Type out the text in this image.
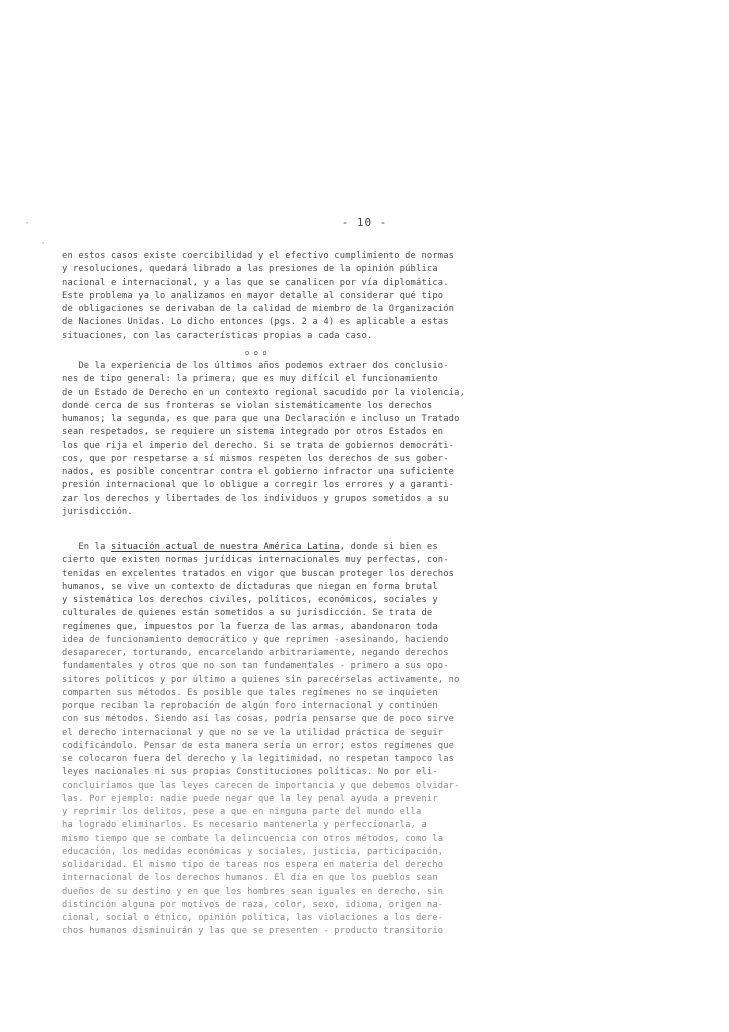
·
·
- 10 -
en estos casos existe coercibilidad y el efectivo cumplimiento de normas
y resoluciones, quedará librado a las presiones de la opinión pública
nacional e internacional, y a las que se canalicen por vía diplomática.
Este problema ya lo analizamos en mayor detalle al considerar qué tipo
de obligaciones se derivaban de la calidad de miembro de la Organización
de Naciones Unidas. Lo dicho entonces (pgs. 2 a 4) es aplicable a estas
situaciones, con las características propias a cada caso.
o o o
De la experiencia de los últimos años podemos extraer dos conclusio-
nes de tipo general: la primera, que es muy difícil el funcionamiento
de un Estado de Derecho en un contexto regional sacudido por la violencia,
donde cerca de sus fronteras se violan sistemáticamente los derechos
humanos; la segunda, es que para que una Declaración e incluso un Tratado
sean respetados, se requiere un sistema integrado por otros Estados en
los que rija el imperio del derecho. Si se trata de gobiernos democráti-
cos, que por respetarse a sí mismos respeten los derechos de sus gober-
nados, es posible concentrar contra el gobierno infractor una suficiente
presión internacional que lo obligue a corregir los errores y a garanti-
zar los derechos y libertades de los individuos y grupos sometidos a su
jurisdicción.
En la situación actual de nuestra América Latina, donde si bien es
cierto que existen normas jurídicas internacionales muy perfectas, con-
tenidas en excelentes tratados en vigor que buscan proteger los derechos
humanos, se vive un contexto de dictaduras que niegan en forma brutal
y sistemática los derechos civiles, políticos, económicos, sociales y
culturales de quienes están sometidos a su jurisdicción. Se trata de
regímenes que, impuestos por la fuerza de las armas, abandonaron toda
idea de funcionamiento democrático y que reprimen -asesinando, haciendo
desaparecer, torturando, encarcelando arbitrariamente, negando derechos
fundamentales y otros que no son tan fundamentales - primero a sus opo-
sitores políticos y por último a quienes sin parecérselas activamente, no
comparten sus métodos. Es posible que tales regímenes no se inquieten
porque reciban la reprobación de algún foro internacional y continúen
con sus métodos. Siendo así las cosas, podría pensarse que de poco sirve
el derecho internacional y que no se ve la utilidad práctica de seguir
codificándolo. Pensar de esta manera sería un error; estos regímenes que
se colocaron fuera del derecho y la legitimidad, no respetan tampoco las
leyes nacionales ni sus propias Constituciones políticas. No por eli-
concluiríamos que las leyes carecen de importancia y que debemos olvidar-
las. Por ejemplo: nadie puede negar que la ley penal ayuda a prevenir
y reprimir los delitos, pese a que en ninguna parte del mundo ella
ha logrado eliminarlos. Es necesario mantenerla y perfeccionarla, a
mismo tiempo que se combate la delincuencia con otros métodos, como la
educación, los medidas económicas y sociales, justicia, participación,
solidaridad. El mismo tipo de tareas nos espera en materia del derecho
internacional de los derechos humanos. El día en que los pueblos sean
dueños de su destino y en que los hombres sean iguales en derecho, sin
distinción alguna por motivos de raza, color, sexo, idioma, origen na-
cional, social o étnico, opinión política, las violaciones a los dere-
chos humanos disminuirán y las que se presenten - producto transitorio
